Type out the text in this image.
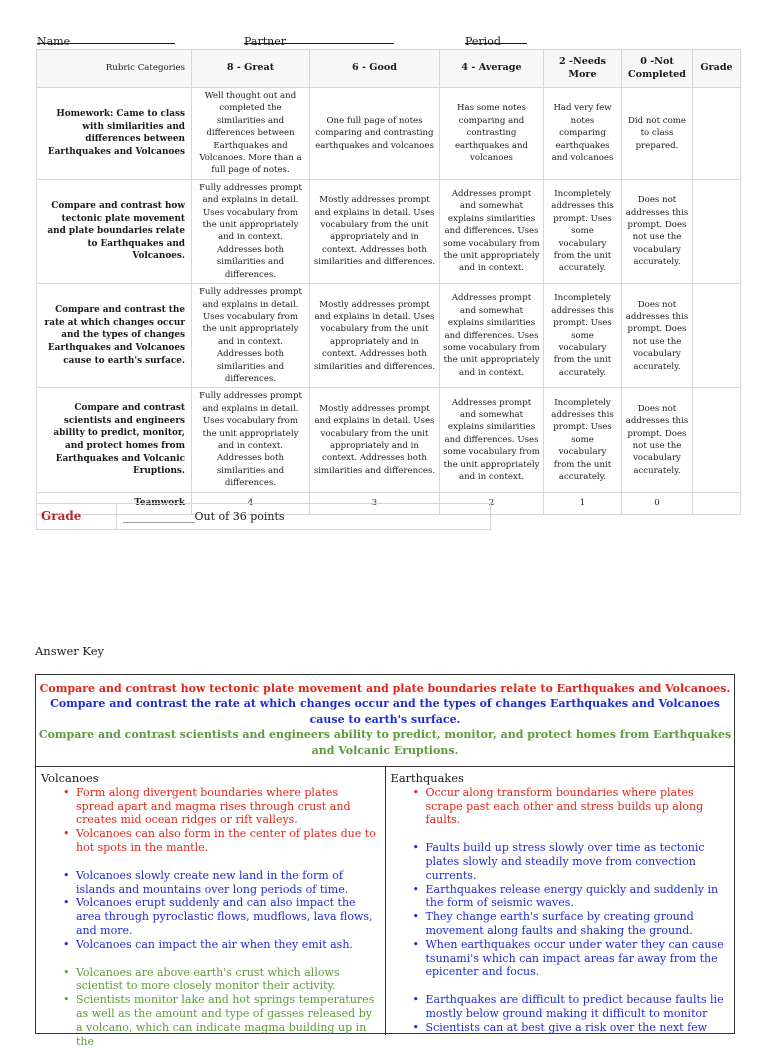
Name	Partner	Period
Rubric Categories	8 - Great	6 - Good	4 - Average	2 -Needs More	0 -Not Completed	Grade
Homework: Came to class with similarities and differences between Earthquakes and Volcanoes	Well thought out and completed the similarities and differences between Earthquakes and Volcanoes. More than a full page of notes.	One full page of notes comparing and contrasting earthquakes and volcanoes	Has some notes comparing and contrasting earthquakes and volcanoes	Had very few notes comparing earthquakes and volcanoes	Did not come to class prepared.	
Compare and contrast how tectonic plate movement and plate boundaries relate to Earthquakes and Volcanoes.	Fully addresses prompt and explains in detail. Uses vocabulary from the unit appropriately and in context. Addresses both similarities and differences.	Mostly addresses prompt and explains in detail. Uses vocabulary from the unit appropriately and in context. Addresses both similarities and differences.	Addresses prompt and somewhat explains similarities and differences. Uses some vocabulary from the unit appropriately and in context.	Incompletely addresses this prompt. Uses some vocabulary from the unit accurately.	Does not addresses this prompt. Does not use the vocabulary accurately.	
Compare and contrast the rate at which changes occur and the types of changes Earthquakes and Volcanoes cause to earth's surface.	Fully addresses prompt and explains in detail. Uses vocabulary from the unit appropriately and in context. Addresses both similarities and differences.	Mostly addresses prompt and explains in detail. Uses vocabulary from the unit appropriately and in context. Addresses both similarities and differences.	Addresses prompt and somewhat explains similarities and differences. Uses some vocabulary from the unit appropriately and in context.	Incompletely addresses this prompt. Uses some vocabulary from the unit accurately.	Does not addresses this prompt. Does not use the vocabulary accurately.	
Compare and contrast scientists and engineers ability to predict, monitor, and protect homes from Earthquakes and Volcanic Eruptions.	Fully addresses prompt and explains in detail. Uses vocabulary from the unit appropriately and in context. Addresses both similarities and differences.	Mostly addresses prompt and explains in detail. Uses vocabulary from the unit appropriately and in context. Addresses both similarities and differences.	Addresses prompt and somewhat explains similarities and differences. Uses some vocabulary from the unit appropriately and in context.	Incompletely addresses this prompt. Uses some vocabulary from the unit accurately.	Does not addresses this prompt. Does not use the vocabulary accurately.	
Teamwork	4	3	2	1	0	
Grade	_____________Out of 36 points
Answer Key
Compare and contrast how tectonic plate movement and plate boundaries relate to Earthquakes and Volcanoes.
Compare and contrast the rate at which changes occur and the types of changes Earthquakes and Volcanoes cause to earth's surface.
Compare and contrast scientists and engineers ability to predict, monitor, and protect homes from Earthquakes and Volcanic Eruptions.
Volcanoes
• Form along divergent boundaries where plates spread apart and magma rises through crust and creates mid ocean ridges or rift valleys.
• Volcanoes can also form in the center of plates due to hot spots in the mantle.
• Volcanoes slowly create new land in the form of islands and mountains over long periods of time.
• Volcanoes erupt suddenly and can also impact the area through pyroclastic flows, mudflows, lava flows, and more.
• Volcanoes can impact the air when they emit ash.
• Volcanoes are above earth's crust which allows scientist to more closely monitor their activity.
• Scientists monitor lake and hot springs temperatures as well as the amount and type of gasses released by a volcano, which can indicate magma building up in the
Earthquakes
• Occur along transform boundaries where plates scrape past each other and stress builds up along faults.
• Faults build up stress slowly over time as tectonic plates slowly and steadily move from convection currents.
• Earthquakes release energy quickly and suddenly in the form of seismic waves.
• They change earth's surface by creating ground movement along faults and shaking the ground.
• When earthquakes occur under water they can cause tsunami's which can impact areas far away from the epicenter and focus.
• Earthquakes are difficult to predict because faults lie mostly below ground making it difficult to monitor
• Scientists can at best give a risk over the next few
